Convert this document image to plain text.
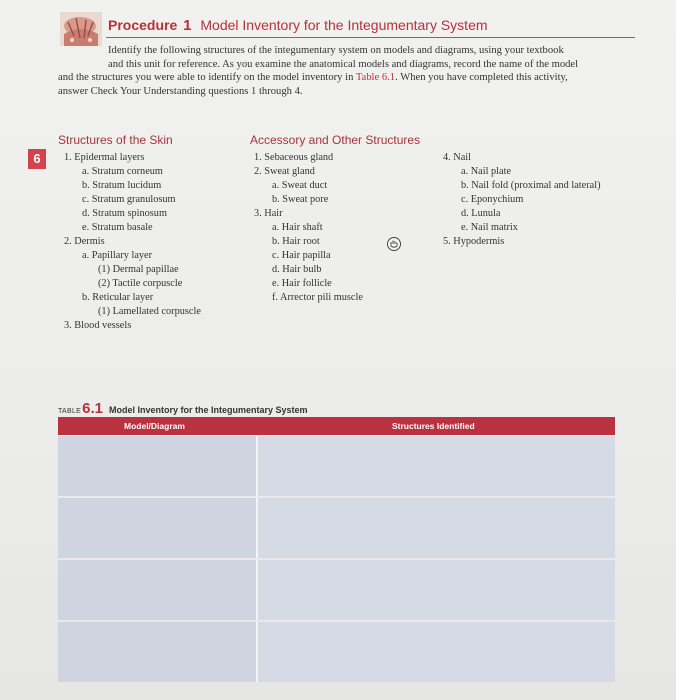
6
Procedure 1 Model Inventory for the Integumentary System

Identify the following structures of the integumentary system on models and diagrams, using your textbook

and this unit for reference. As you examine the anatomical models and diagrams, record the name of the model

and the structures you were able to identify on the model inventory in Table 6.1. When you have completed this activity,

answer Check Your Understanding questions 1 through 4.

Structures of the Skin	Accessory and Other Structures
1. Epidermal layers
a. Stratum corneum
b. Stratum lucidum
c. Stratum granulosum
d. Stratum spinosum
e. Stratum basale
2. Dermis
a. Papillary layer
(1) Dermal papillae
(2) Tactile corpuscle
b. Reticular layer
(1) Lamellated corpuscle
3. Blood vessels
1. Sebaceous gland
2. Sweat gland
a. Sweat duct
b. Sweat pore
3. Hair
a. Hair shaft
b. Hair root
c. Hair papilla
d. Hair bulb
e. Hair follicle
f. Arrector pili muscle
4. Nail
a. Nail plate
b. Nail fold (proximal and lateral)
c. Eponychium
d. Lunula
e. Nail matrix
5. Hypodermis
TABLE6.1 Model Inventory for the Integumentary System
Model/Diagram	Structures Identified
